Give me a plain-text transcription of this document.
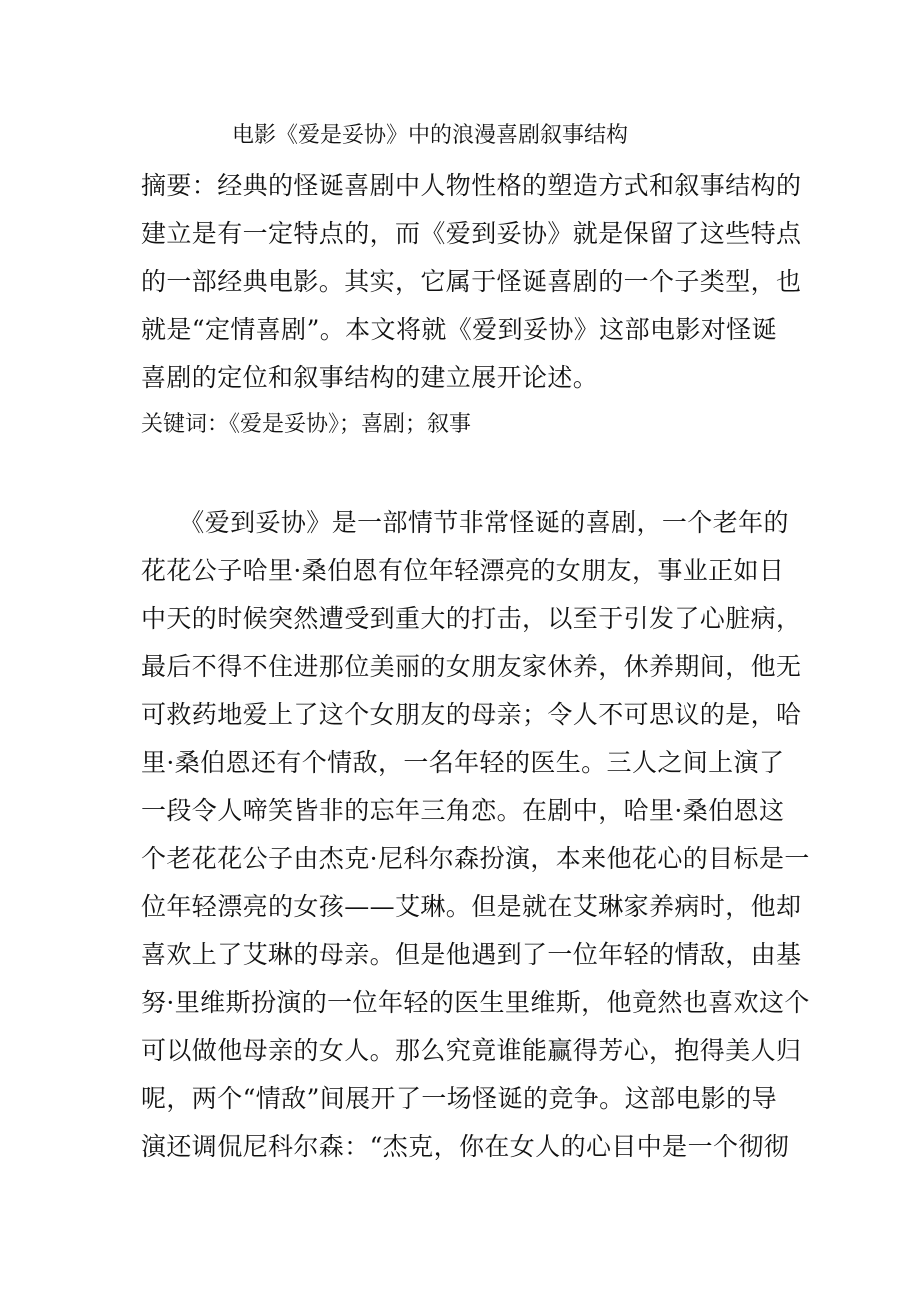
电影《爱是妥协》中的浪漫喜剧叙事结构
摘要：经典的怪诞喜剧中人物性格的塑造方式和叙事结构的
建立是有一定特点的，而《爱到妥协》就是保留了这些特点
的一部经典电影。其实，它属于怪诞喜剧的一个子类型，也
就是“定情喜剧”。本文将就《爱到妥协》这部电影对怪诞
喜剧的定位和叙事结构的建立展开论述。
关键词：《爱是妥协》；喜剧；叙事
　　《爱到妥协》是一部情节非常怪诞的喜剧，一个老年的
花花公子哈里·桑伯恩有位年轻漂亮的女朋友，事业正如日
中天的时候突然遭受到重大的打击，以至于引发了心脏病，
最后不得不住进那位美丽的女朋友家休养，休养期间，他无
可救药地爱上了这个女朋友的母亲；令人不可思议的是，哈
里·桑伯恩还有个情敌，一名年轻的医生。三人之间上演了
一段令人啼笑皆非的忘年三角恋。在剧中，哈里·桑伯恩这
个老花花公子由杰克·尼科尔森扮演，本来他花心的目标是一
位年轻漂亮的女孩——艾琳。但是就在艾琳家养病时，他却
喜欢上了艾琳的母亲。但是他遇到了一位年轻的情敌，由基
努·里维斯扮演的一位年轻的医生里维斯，他竟然也喜欢这个
可以做他母亲的女人。那么究竟谁能赢得芳心，抱得美人归
呢，两个“情敌”间展开了一场怪诞的竞争。这部电影的导
演还调侃尼科尔森：“杰克，你在女人的心目中是一个彻彻
